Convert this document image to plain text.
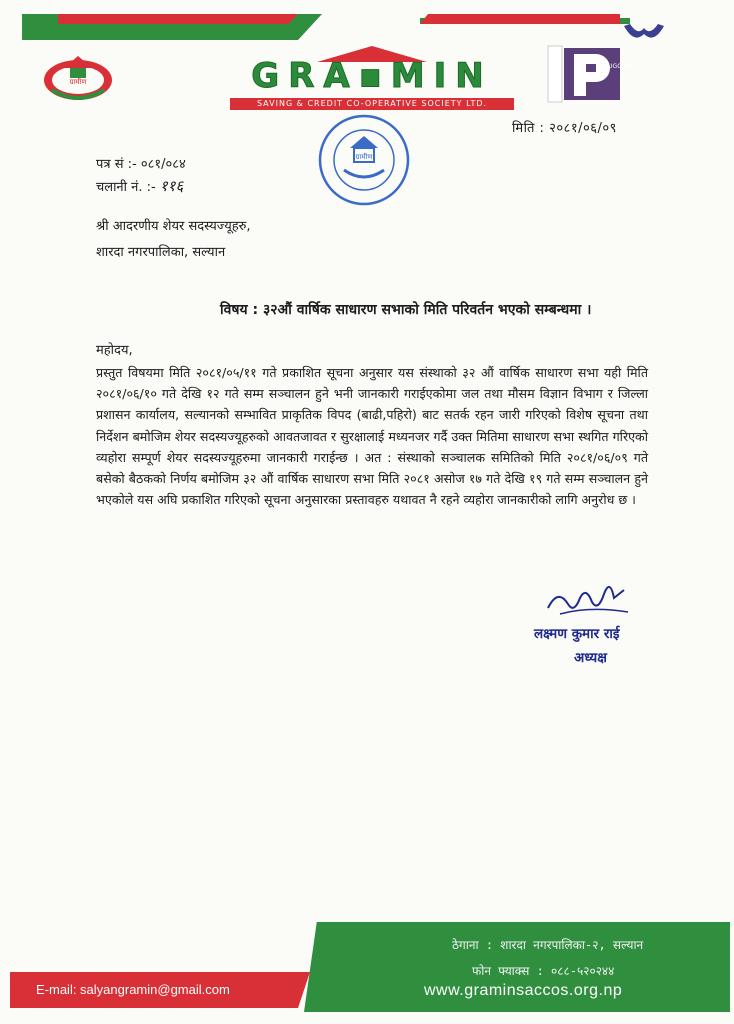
ग्रामीण	GRA▪MIN
SAVING & CREDIT CO-OPERATIVE SOCIETY LTD.
RUGGITO
मिति : २०८१/०६/०९
ग्रामीण
पत्र सं :- ०८१/०८४
चलानी नं. :- ११६
श्री आदरणीय शेयर सदस्यज्यूहरु,
शारदा नगरपालिका, सल्यान
विषय : ३२औं वार्षिक साधारण सभाको मिति परिवर्तन भएको सम्बन्धमा ।
महोदय,
प्रस्तुत विषयमा मिति २०८१/०५/११ गते प्रकाशित सूचना अनुसार यस संस्थाको ३२ औं वार्षिक साधारण सभा यही मिति २०८१/०६/१० गते देखि १२ गते सम्म सञ्चालन हुने भनी जानकारी गराईएकोमा जल तथा मौसम विज्ञान विभाग र जिल्ला प्रशासन कार्यालय, सल्यानको सम्भावित प्राकृतिक विपद (बाढी,पहिरो) बाट सतर्क रहन जारी गरिएको विशेष सूचना तथा निर्देशन बमोजिम शेयर सदस्यज्यूहरुको आवतजावत र सुरक्षालाई मध्यनजर गर्दै उक्त मितिमा साधारण सभा स्थगित गरिएको व्यहोरा सम्पूर्ण शेयर सदस्यज्यूहरुमा जानकारी गराईन्छ । अत : संस्थाको सञ्चालक समितिको मिति २०८१/०६/०९ गते बसेको बैठकको निर्णय बमोजिम ३२ औं वार्षिक साधारण सभा मिति २०८१ असोज १७ गते देखि १९ गते सम्म सञ्चालन हुने भएकोले यस अघि प्रकाशित गरिएको सूचना अनुसारका प्रस्तावहरु यथावत नै रहने व्यहोरा जानकारीको लागि अनुरोध छ ।
लक्ष्मण कुमार राई
अध्यक्ष
ठेगाना : शारदा नगरपालिका-२, सल्यान
फोन फ्याक्स : ०८८-५२०२४४
www.graminsaccos.org.np
E-mail: salyangramin@gmail.com
